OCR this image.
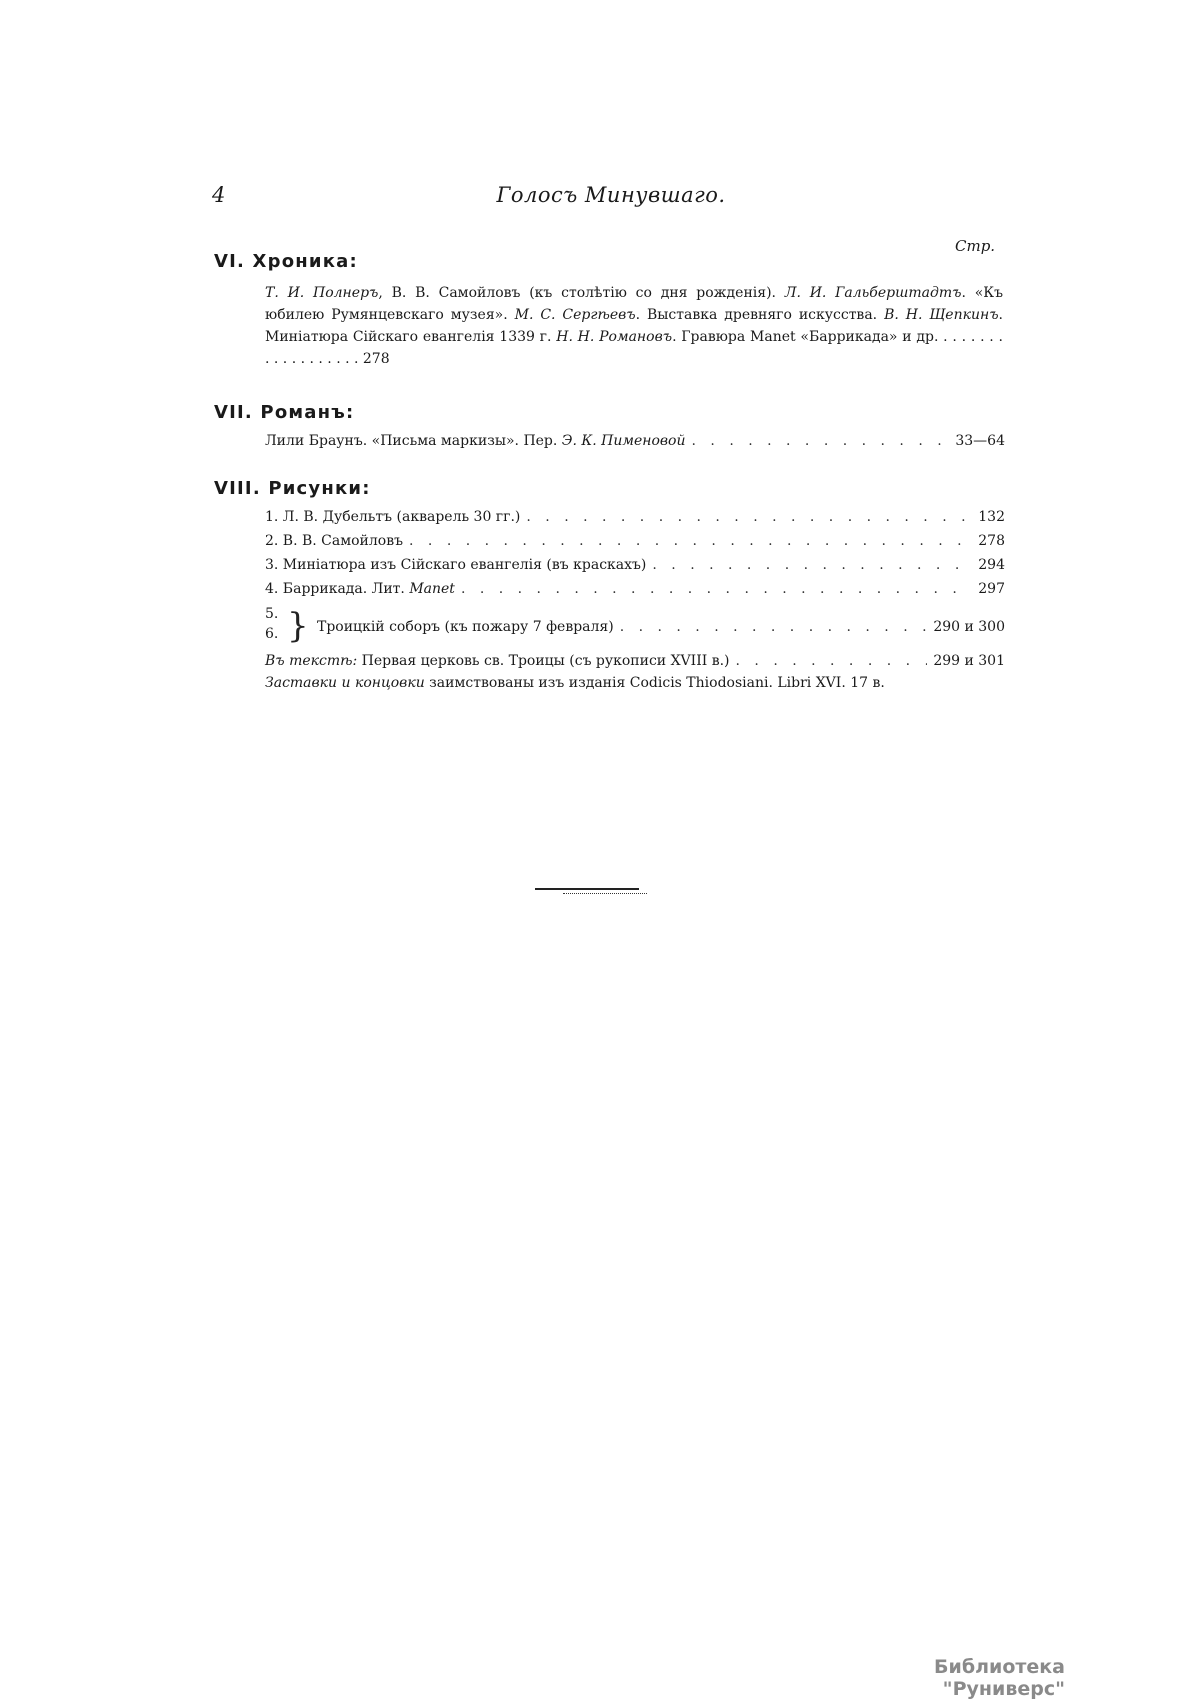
4	Голосъ Минувшаго.
Стр.
VI. Хроника:
Т. И. Полнеръ, В. В. Самойловъ (къ столѣтію со дня рожденія). Л. И. Гальберштадтъ. «Къ юбилею Румянцевскаго музея». М. С. Сергѣевъ. Выставка древняго искусства. В. Н. Щепкинъ. Миніатюра Сійскаго евангелія 1339 г. Н. Н. Романовъ. Гравюра Manet «Баррикада» и др. . . . . . . . . . . . . . . . . . . 278
VII. Романъ:
Лили Браунъ. «Письма маркизы». Пер. Э. К. Пименовой . . .	33—64
VIII. Рисунки:
1. Л. В. Дубельтъ (акварель 30 гг.) . . .	132
2. В. В. Самойловъ . . .	278
3. Миніатюра изъ Сійскаго евангелія (въ краскахъ) . . .	294
4. Баррикада. Лит. Manet . . .	297
5.
6. } Троицкій соборъ (къ пожару 7 февраля) . . .	290 и 300
Въ текстѣ: Первая церковь св. Троицы (съ рукописи XVIII в.) . . .	299 и 301
Заставки и концовки заимствованы изъ изданія Codicis Thiodosiani. Libri XVI. 17 в.
Библиотека "Руниверс"
